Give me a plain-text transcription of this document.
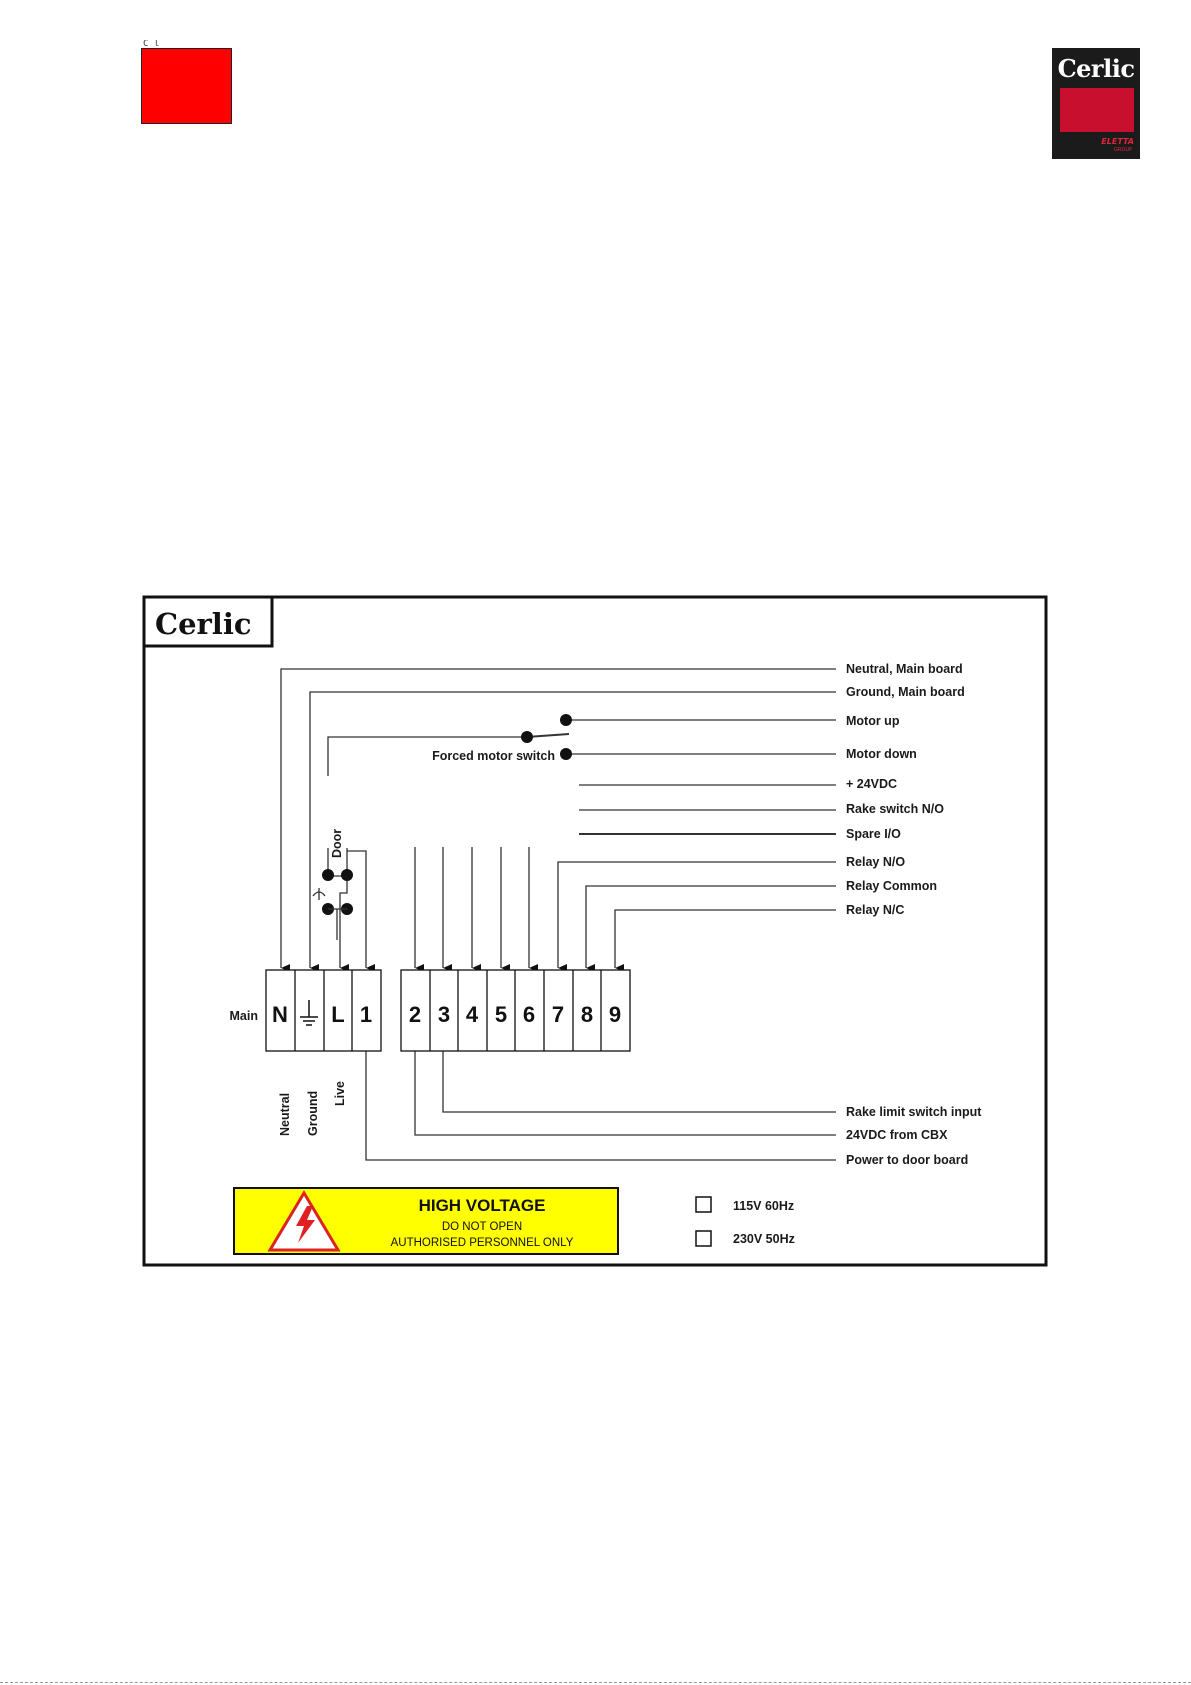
C l
Cerlic
ELETTA
GROUP
Cerlic
Door
N L 1
Main	2 3 4 5 6 7 8 9
Neutral Ground Live
Neutral, Main board
Ground, Main board
Motor up
Motor down
+ 24VDC
Rake switch N/O
Spare I/O
Relay N/O
Relay Common
Relay N/C
Forced motor switch
Rake limit switch input
24VDC from CBX
Power to door board
HIGH VOLTAGE
DO NOT OPEN
AUTHORISED PERSONNEL ONLY
115V 60Hz
230V 50Hz
